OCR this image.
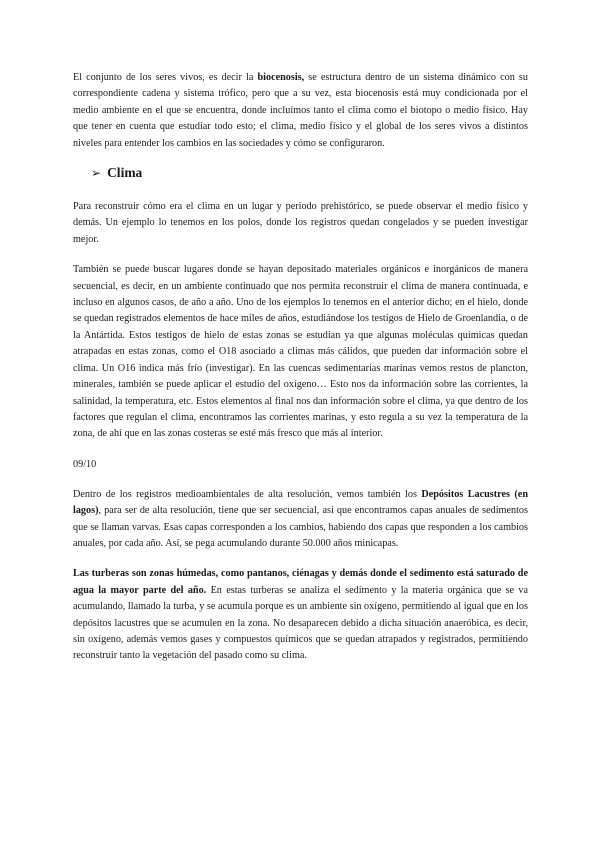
El conjunto de los seres vivos, es decir la biocenosis, se estructura dentro de un sistema dinámico con su correspondiente cadena y sistema trófico, pero que a su vez, esta biocenosis está muy condicionada por el medio ambiente en el que se encuentra, donde incluímos tanto el clima como el biotopo o medio físico. Hay que tener en cuenta que estudiar todo esto; el clima, medio físico y el global de los seres vivos a distintos niveles para entender los cambios en las sociedades y cómo se configuraron.

➢ Clima

Para reconstruir cómo era el clima en un lugar y periodo prehistórico, se puede observar el medio físico y demás. Un ejemplo lo tenemos en los polos, donde los registros quedan congelados y se pueden investigar mejor.

También se puede buscar lugares donde se hayan depositado materiales orgánicos e inorgánicos de manera secuencial, es decir, en un ambiente continuado que nos permita reconstruir el clima de manera continuada, e incluso en algunos casos, de año a año. Uno de los ejemplos lo tenemos en el anterior dicho; en el hielo, donde se quedan registrados elementos de hace miles de años, estudiándose los testigos de Hielo de Groenlandia, o de la Antártida. Estos testigos de hielo de estas zonas se estudian ya que algunas moléculas químicas quedan atrapadas en estas zonas, como el O18 asociado a climas más cálidos, que pueden dar información sobre el clima. Un O16 indica más frío (investigar). En las cuencas sedimentarias marinas vemos restos de plancton, minerales, también se puede aplicar el estudio del oxígeno… Esto nos da información sobre las corrientes, la salinidad, la temperatura, etc. Estos elementos al final nos dan información sobre el clima, ya que dentro de los factores que regulan el clima, encontramos las corrientes marinas, y esto regula a su vez la temperatura de la zona, de ahí que en las zonas costeras se esté más fresco que más al interior.

09/10

Dentro de los registros medioambientales de alta resolución, vemos también los Depósitos Lacustres (en lagos), para ser de alta resolución, tiene que ser secuencial, así que encontramos capas anuales de sedimentos que se llaman varvas. Esas capas corresponden a los cambios, habiendo dos capas que responden a los cambios anuales, por cada año. Así, se pega acumulando durante 50.000 años minicapas.

Las turberas son zonas húmedas, como pantanos, ciénagas y demás donde el sedimento está saturado de agua la mayor parte del año. En estas turberas se analiza el sedimento y la materia orgánica que se va acumulando, llamado la turba, y se acumula porque es un ambiente sin oxígeno, permitiendo al igual que en los depósitos lacustres que se acumulen en la zona. No desaparecen debido a dicha situación anaeróbica, es decir, sin oxígeno, además vemos gases y compuestos químicos que se quedan atrapados y registrados, permitiendo reconstruir tanto la vegetación del pasado como su clima.
